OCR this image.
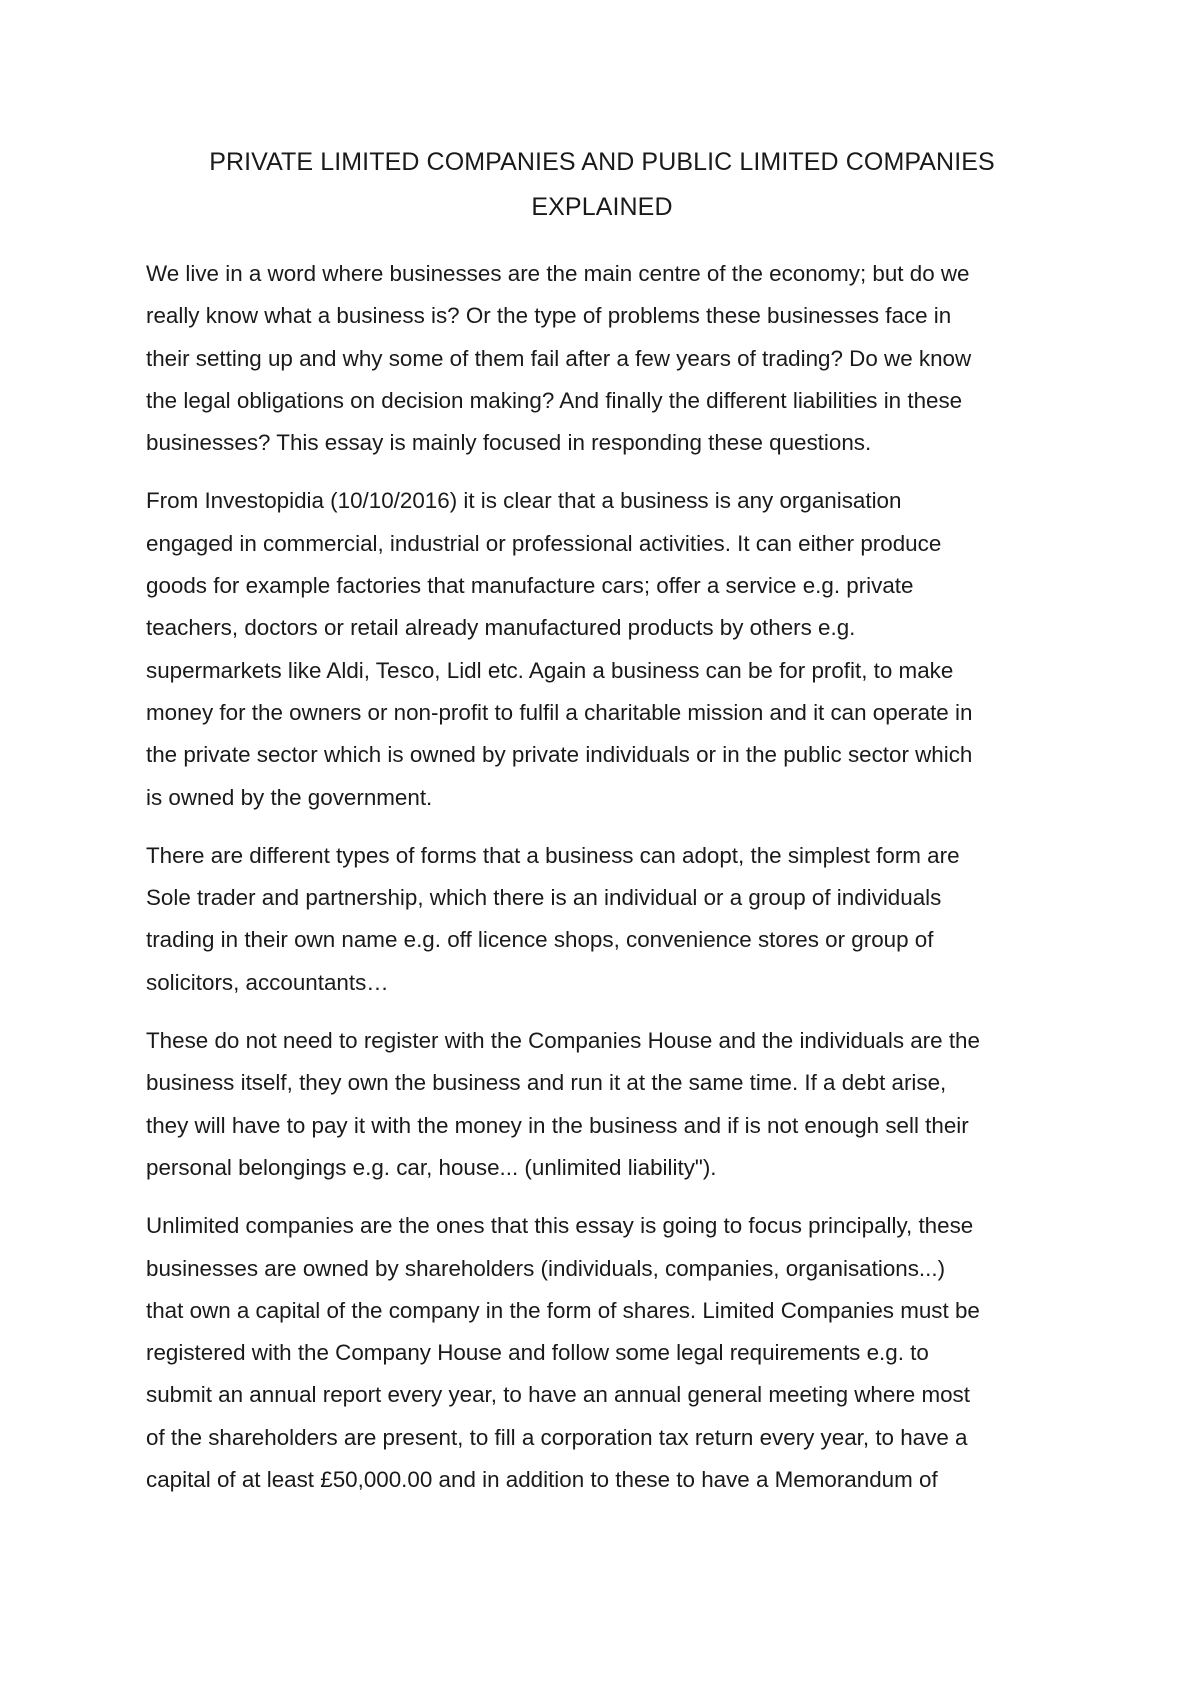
PRIVATE LIMITED COMPANIES AND PUBLIC LIMITED COMPANIES
EXPLAINED

We live in a word where businesses are the main centre of the economy; but do we
really know what a business is? Or the type of problems these businesses face in
their setting up and why some of them fail after a few years of trading? Do we know
the legal obligations on decision making? And finally the different liabilities in these
businesses? This essay is mainly focused in responding these questions.

From Investopidia (10/10/2016) it is clear that a business is any organisation
engaged in commercial, industrial or professional activities. It can either produce
goods for example factories that manufacture cars; offer a service e.g. private
teachers, doctors or retail already manufactured products by others e.g.
supermarkets like Aldi, Tesco, Lidl etc. Again a business can be for profit, to make
money for the owners or non-profit to fulfil a charitable mission and it can operate in
the private sector which is owned by private individuals or in the public sector which
is owned by the government.

There are different types of forms that a business can adopt, the simplest form are
Sole trader and partnership, which there is an individual or a group of individuals
trading in their own name e.g. off licence shops, convenience stores or group of
solicitors, accountants…

These do not need to register with the Companies House and the individuals are the
business itself, they own the business and run it at the same time. If a debt arise,
they will have to pay it with the money in the business and if is not enough sell their
personal belongings e.g. car, house... (unlimited liability").

Unlimited companies are the ones that this essay is going to focus principally, these
businesses are owned by shareholders (individuals, companies, organisations...)
that own a capital of the company in the form of shares. Limited Companies must be
registered with the Company House and follow some legal requirements e.g. to
submit an annual report every year, to have an annual general meeting where most
of the shareholders are present, to fill a corporation tax return every year, to have a
capital of at least £50,000.00 and in addition to these to have a Memorandum of
